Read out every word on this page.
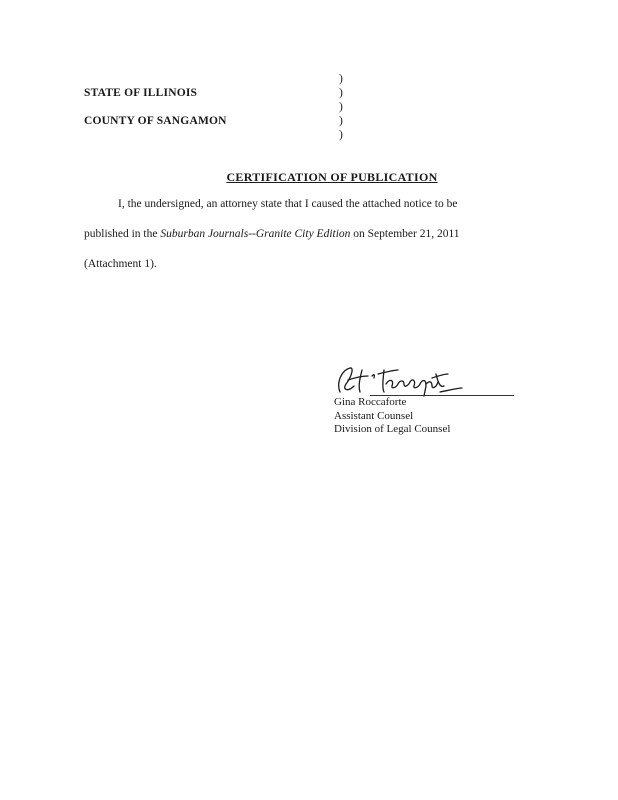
)
STATE OF ILLINOIS	)
)
COUNTY OF SANGAMON	)
)
CERTIFICATION OF PUBLICATION
I, the undersigned, an attorney state that I caused the attached notice to be
published in the Suburban Journals--Granite City Edition on September 21, 2011
(Attachment 1).
Gina Roccaforte
Assistant Counsel
Division of Legal Counsel
